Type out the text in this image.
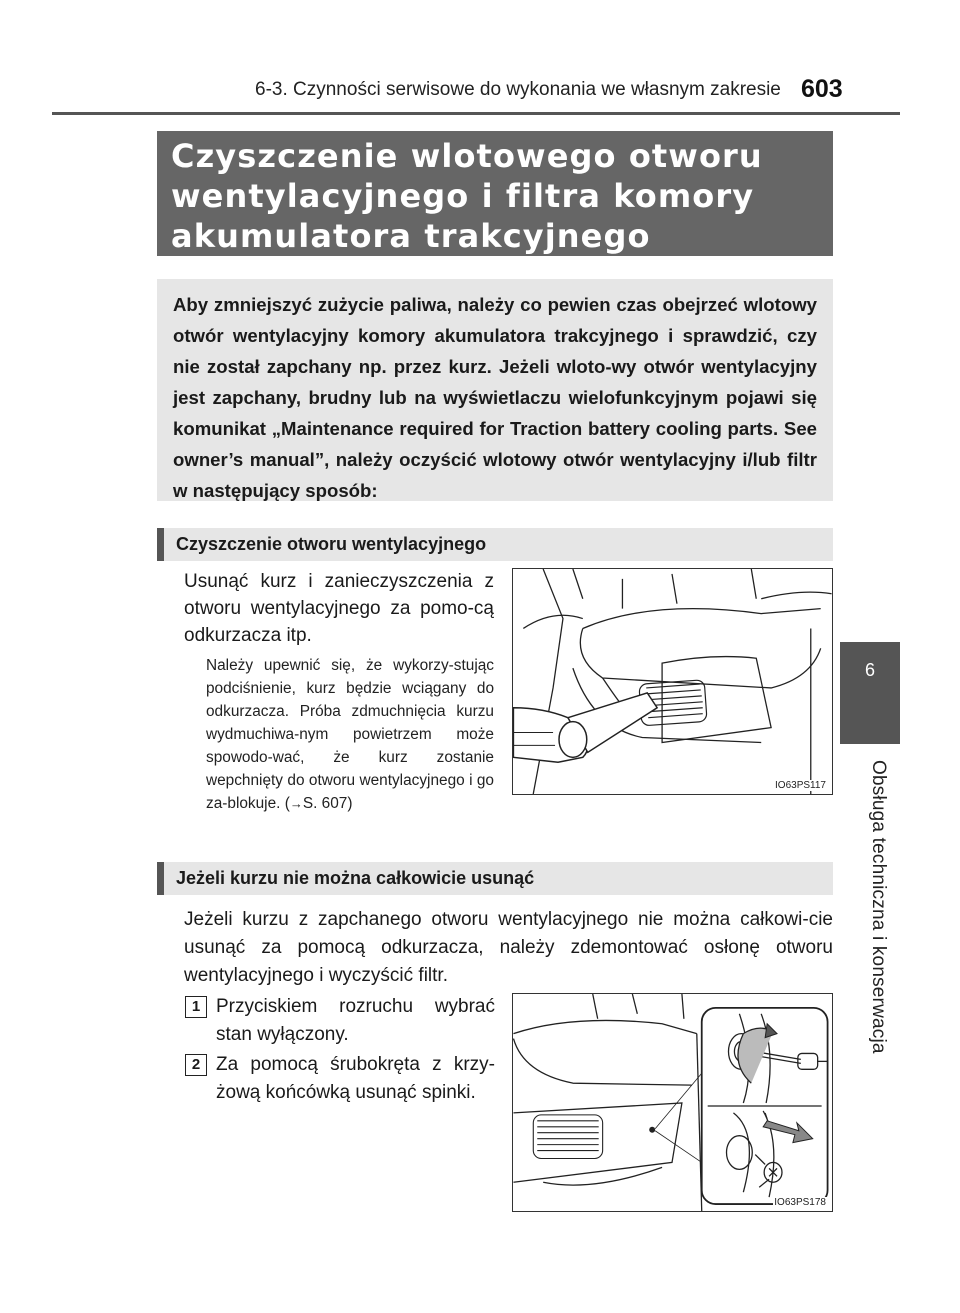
6-3. Czynności serwisowe do wykonania we własnym zakresie 603
6
Obsługa techniczna i konserwacja
Czyszczenie wlotowego otworu
wentylacyjnego i filtra komory
akumulatora trakcyjnego
Aby zmniejszyć zużycie paliwa, należy co pewien czas obejrzeć wlotowy otwór wentylacyjny komory akumulatora trakcyjnego i sprawdzić, czy nie został zapchany np. przez kurz. Jeżeli wloto-wy otwór wentylacyjny jest zapchany, brudny lub na wyświetlaczu wielofunkcyjnym pojawi się komunikat „Maintenance required for Traction battery cooling parts. See owner’s manual”, należy oczyścić wlotowy otwór wentylacyjny i/lub filtr w następujący sposób:
Czyszczenie otworu wentylacyjnego
Usunąć kurz i zanieczyszczenia z otworu wentylacyjnego za pomo-cą odkurzacza itp.
Należy upewnić się, że wykorzy-stując podciśnienie, kurz będzie wciągany do odkurzacza. Próba zdmuchnięcia kurzu wydmuchiwa-nym powietrzem może spowodo-wać, że kurz zostanie wepchnięty do otworu wentylacyjnego i go za-blokuje. (→S. 607)
IO63PS117
Jeżeli kurzu nie można całkowicie usunąć
Jeżeli kurzu z zapchanego otworu wentylacyjnego nie można całkowi-cie usunąć za pomocą odkurzacza, należy zdemontować osłonę otworu wentylacyjnego i wyczyścić filtr.
1 Przyciskiem rozruchu wybrać stan wyłączony.
2 Za pomocą śrubokręta z krzy-żową końcówką usunąć spinki.
IO63PS178
